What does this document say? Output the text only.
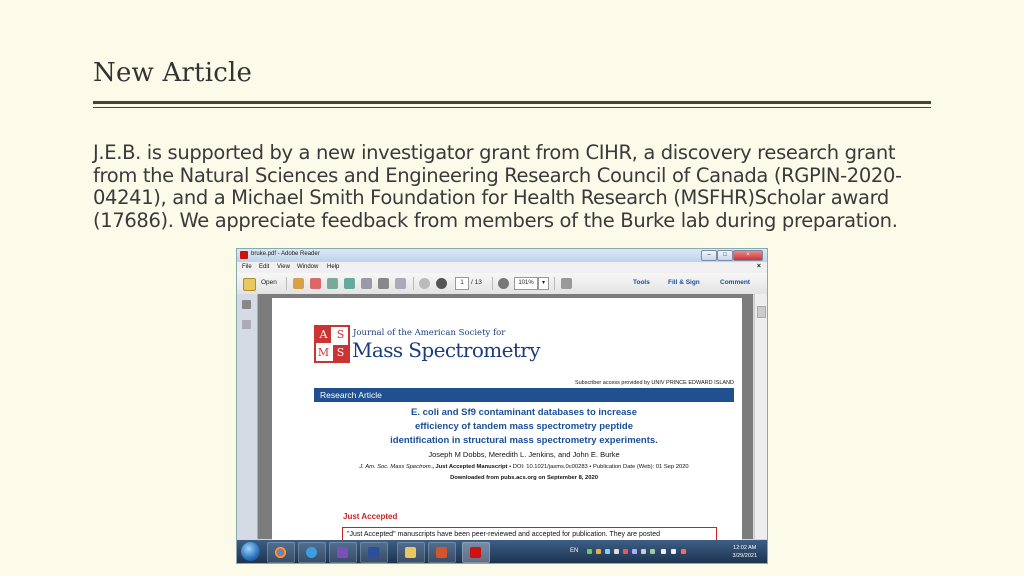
New Article
J.E.B. is supported by a new investigator grant from CIHR, a discovery research grant from the Natural Sciences and Engineering Research Council of Canada (RGPIN-2020-04241), and a Michael Smith Foundation for Health Research (MSFHR)Scholar award (17686). We appreciate feedback from members of the Burke lab during preparation.
bruke.pdf - Adobe Reader	–	□	×
File Edit View Window Help	×
Open	1	/ 13	101%	▾	Tools	Fill & Sign	Comment
A S
M S
Journal of the American Society for
Mass Spectrometry
Subscriber access provided by UNIV PRINCE EDWARD ISLAND
Research Article
E. coli and Sf9 contaminant databases to increase
efficiency of tandem mass spectrometry peptide
identification in structural mass spectrometry experiments.
Joseph M Dobbs, Meredith L. Jenkins, and John E. Burke
J. Am. Soc. Mass Spectrom., Just Accepted Manuscript • DOI: 10.1021/jasms.0c00283 • Publication Date (Web): 01 Sep 2020
Downloaded from pubs.acs.org on September 8, 2020
Just Accepted
"Just Accepted" manuscripts have been peer-reviewed and accepted for publication. They are posted
EN	12:02 AM
3/29/2021
